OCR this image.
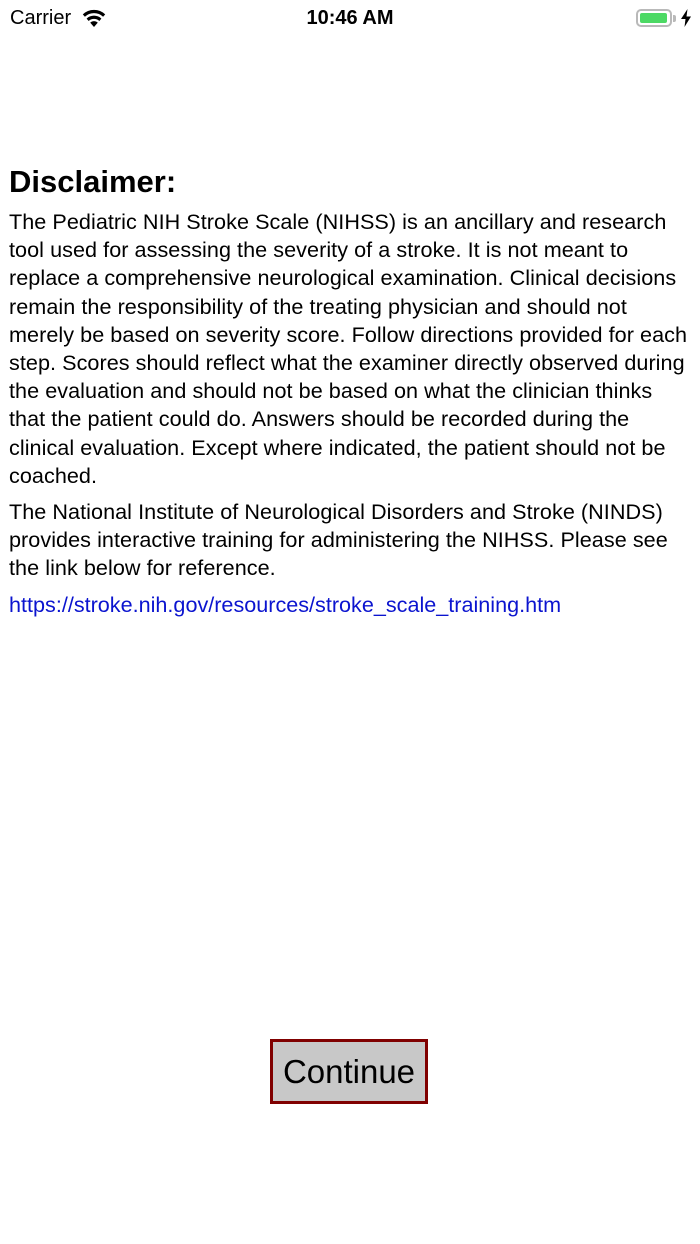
Carrier	10:46 AM
Disclaimer:

The Pediatric NIH Stroke Scale (NIHSS) is an ancillary and research tool used for assessing the severity of a stroke. It is not meant to replace a comprehensive neurological examination. Clinical decisions remain the responsibility of the treating physician and should not merely be based on severity score. Follow directions provided for each step. Scores should reflect what the examiner directly observed during the evaluation and should not be based on what the clinician thinks that the patient could do. Answers should be recorded during the clinical evaluation. Except where indicated, the patient should not be coached.

The National Institute of Neurological Disorders and Stroke (NINDS) provides interactive training for administering the NIHSS. Please see the link below for reference.

https://stroke.nih.gov/resources/stroke_scale_training.htm
Continue
